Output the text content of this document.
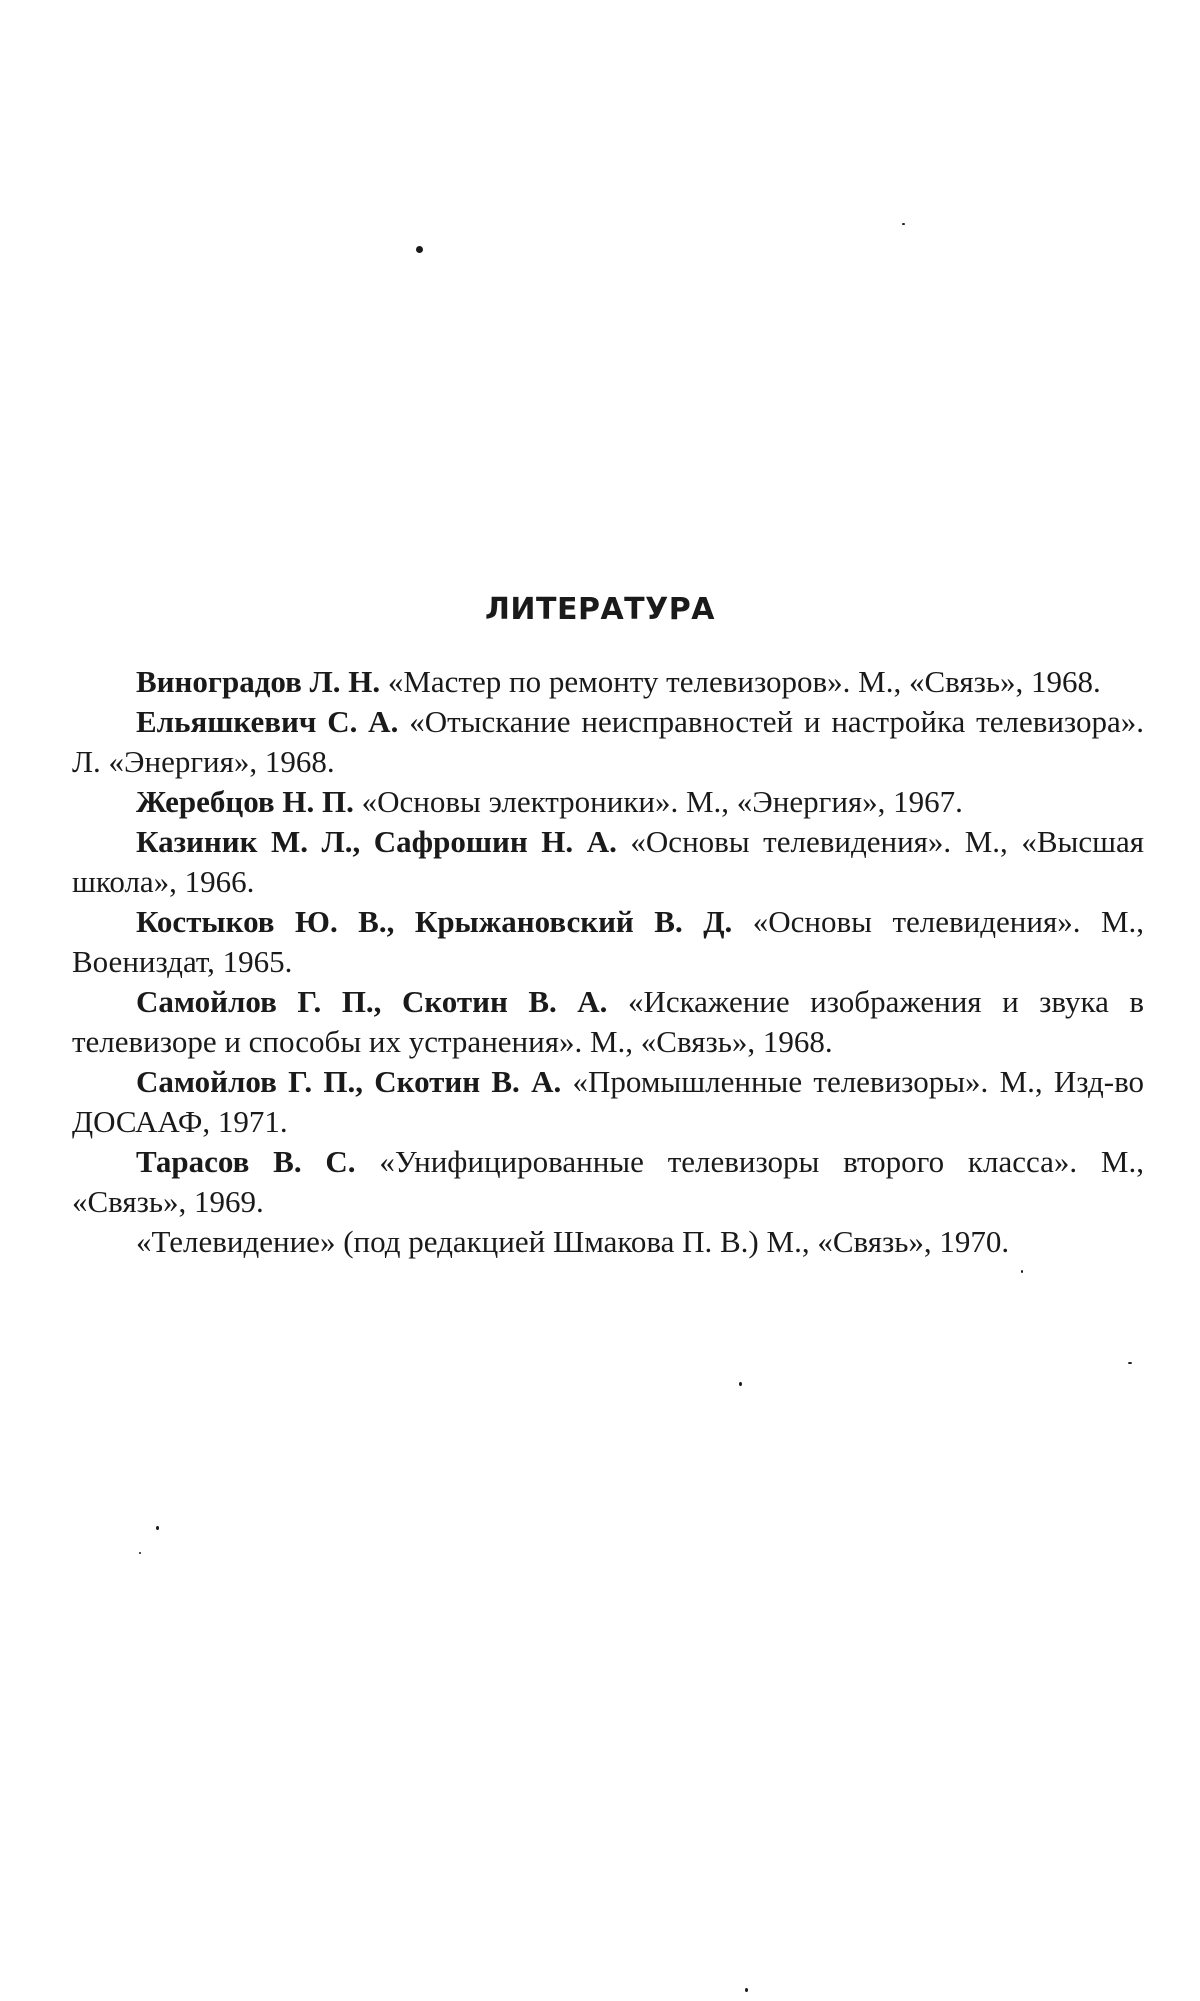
ЛИТЕРАТУРА

Виноградов Л. Н. «Мастер по ремонту телевизоров». М., «Связь», 1968.

Ельяшкевич С. А. «Отыскание неисправностей и настройка телевизора». Л. «Энергия», 1968.

Жеребцов Н. П. «Основы электроники». М., «Энергия», 1967.

Казиник М. Л., Сафрошин Н. А. «Основы телевидения». М., «Высшая школа», 1966.

Костыков Ю. В., Крыжановский В. Д. «Основы телевидения». М., Воениздат, 1965.

Самойлов Г. П., Скотин В. А. «Искажение изображения и звука в телевизоре и способы их устранения». М., «Связь», 1968.

Самойлов Г. П., Скотин В. А. «Промышленные телевизоры». М., Изд-во ДОСААФ, 1971.

Тарасов В. С. «Унифицированные телевизоры второго класса». М., «Связь», 1969.

«Телевидение» (под редакцией Шмакова П. В.) М., «Связь», 1970.
